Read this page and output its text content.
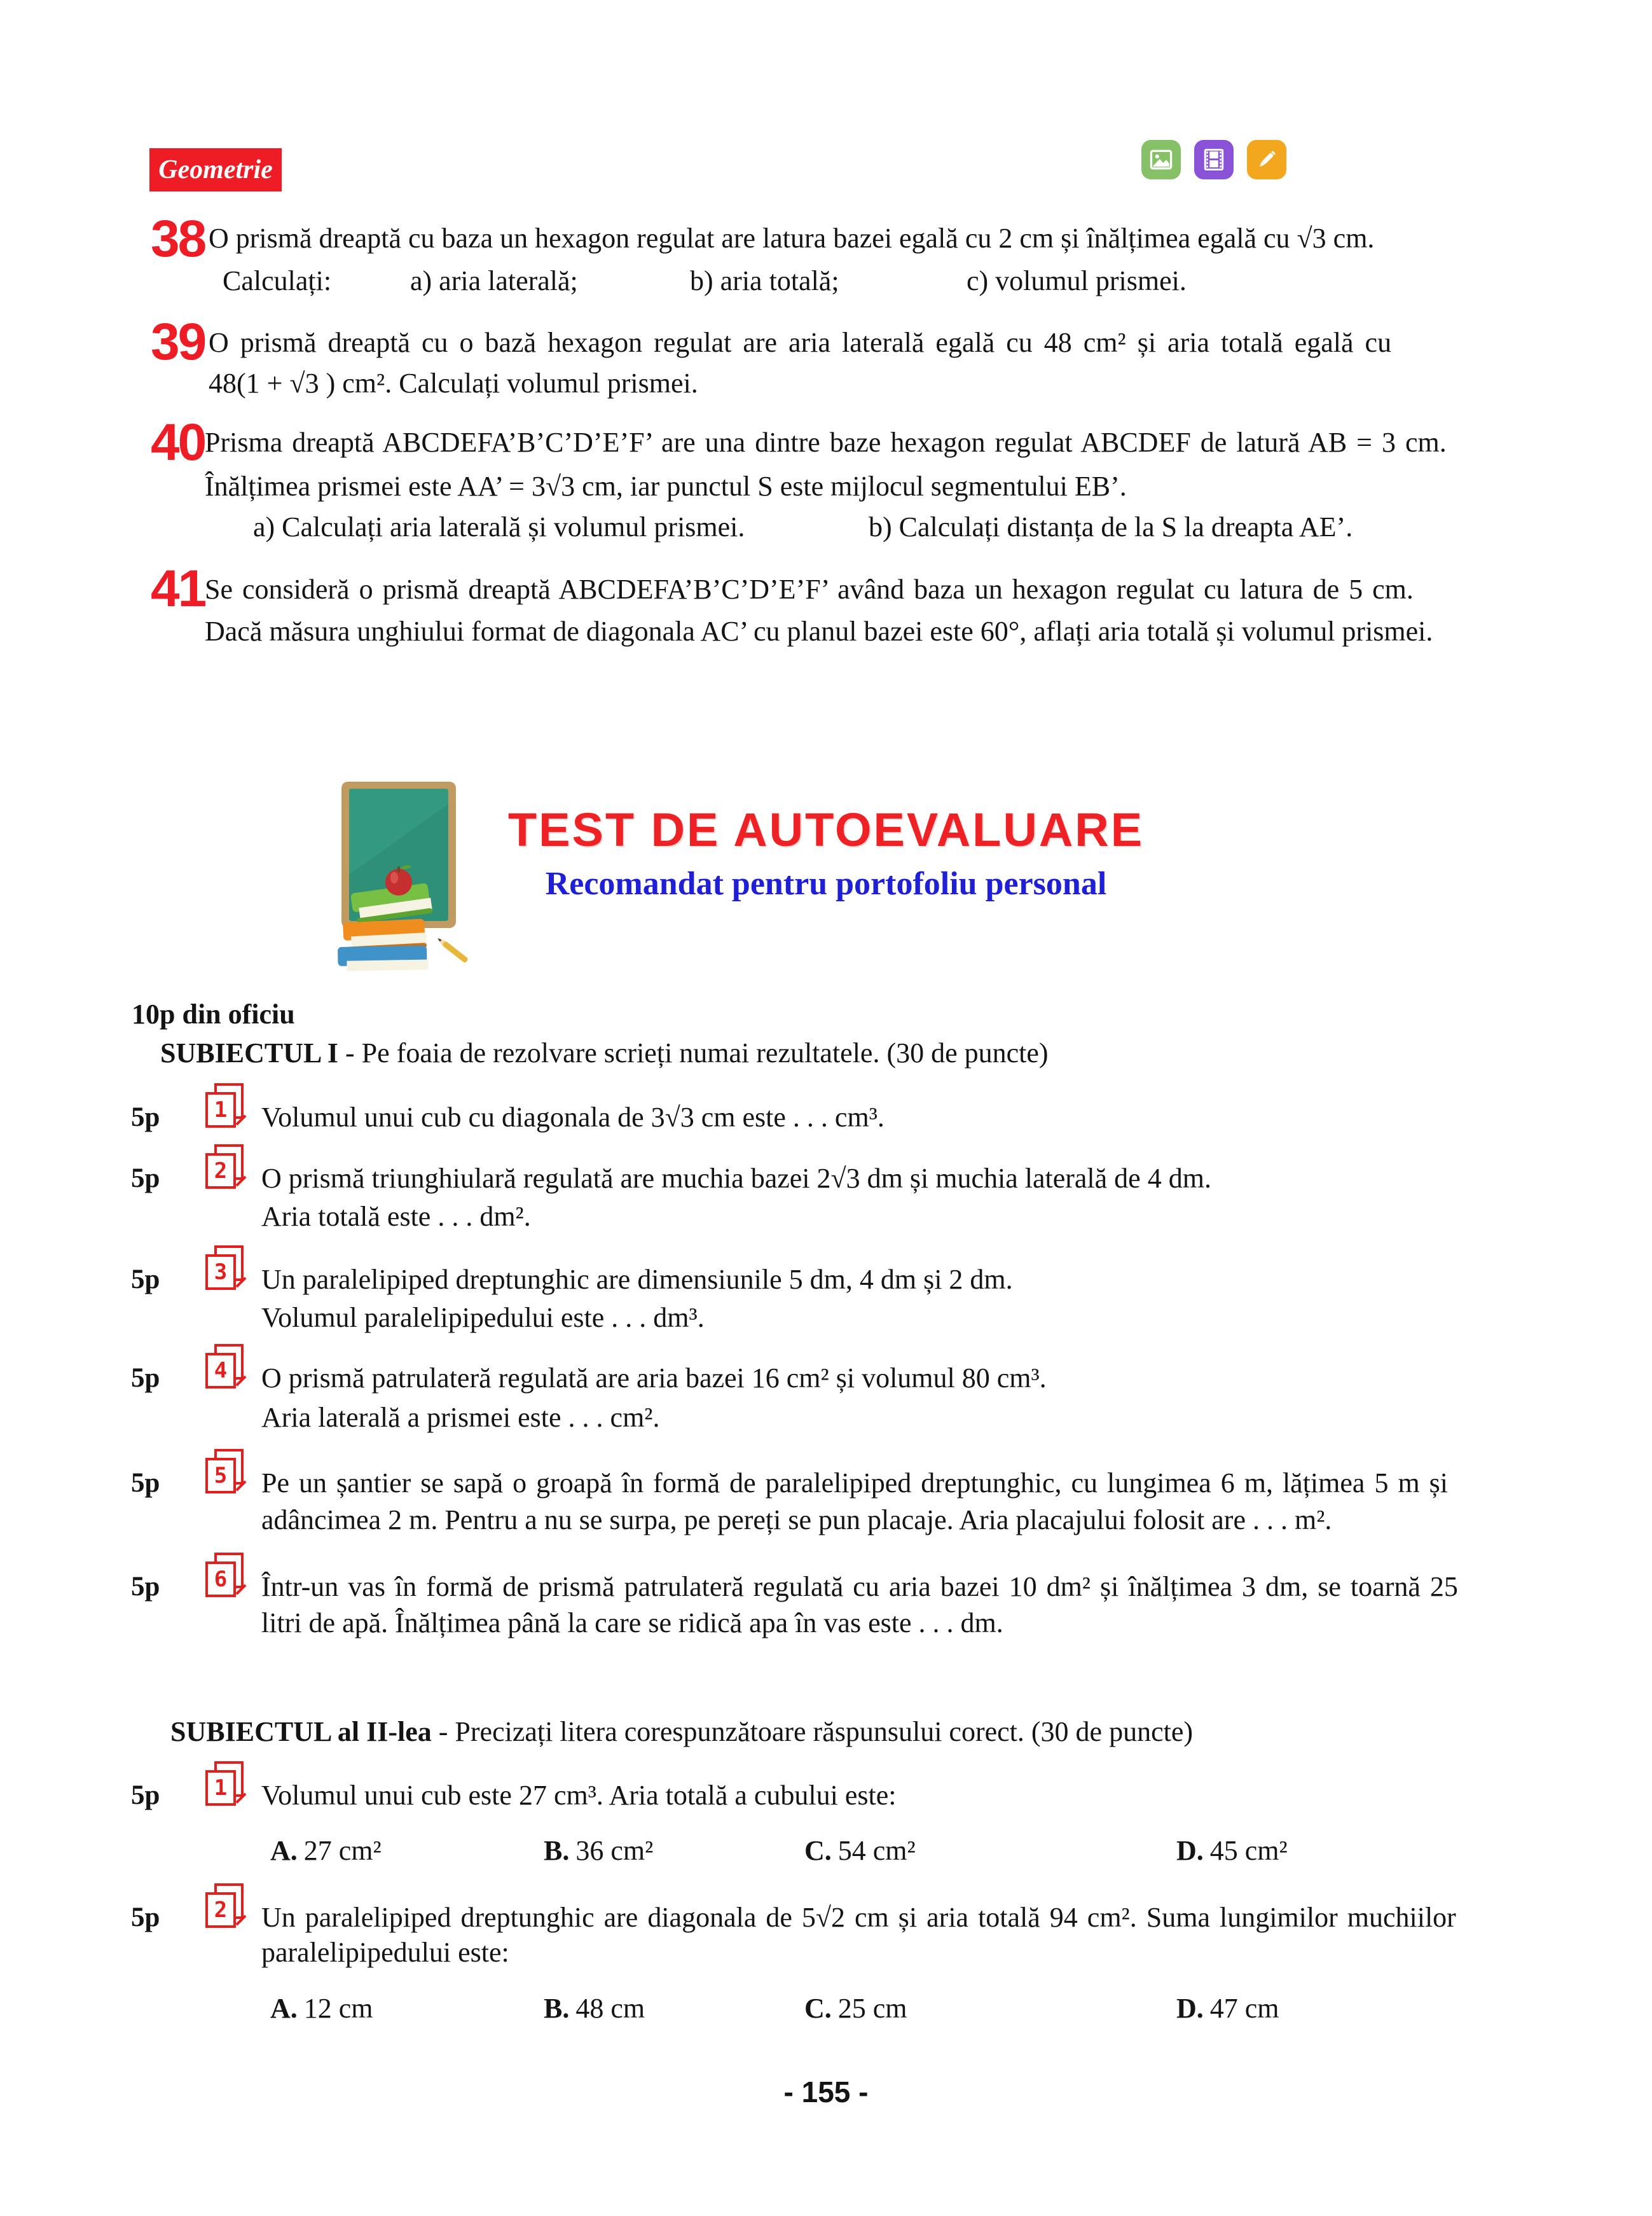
Geometrie
38 O prismă dreaptă cu baza un hexagon regulat are latura bazei egală cu 2 cm și înălțimea egală cu √3 cm.
Calculați:	a) aria laterală;	b) aria totală;	c) volumul prismei.
39 O prismă dreaptă cu o bază hexagon regulat are aria laterală egală cu 48 cm² și aria totală egală cu
48(1 + √3 ) cm². Calculați volumul prismei.
40 Prisma dreaptă ABCDEFA’B’C’D’E’F’ are una dintre baze hexagon regulat ABCDEF de latură AB = 3 cm.
Înălțimea prismei este AA’ = 3√3 cm, iar punctul S este mijlocul segmentului EB’.
a) Calculați aria laterală și volumul prismei.	b) Calculați distanța de la S la dreapta AE’.
41 Se consideră o prismă dreaptă ABCDEFA’B’C’D’E’F’ având baza un hexagon regulat cu latura de 5 cm.
Dacă măsura unghiului format de diagonala AC’ cu planul bazei este 60°, aflați aria totală și volumul prismei.
TEST DE AUTOEVALUARE
Recomandat pentru portofoliu personal
10p din oficiu
SUBIECTUL I - Pe foaia de rezolvare scrieți numai rezultatele. (30 de puncte)
5p	1	Volumul unui cub cu diagonala de 3√3 cm este . . . cm³.
5p	2	O prismă triunghiulară regulată are muchia bazei 2√3 dm și muchia laterală de 4 dm.
Aria totală este . . . dm².
5p	3	Un paralelipiped dreptunghic are dimensiunile 5 dm, 4 dm și 2 dm.
Volumul paralelipipedului este . . . dm³.
5p	4	O prismă patrulateră regulată are aria bazei 16 cm² și volumul 80 cm³.
Aria laterală a prismei este . . . cm².
5p	5	Pe un șantier se sapă o groapă în formă de paralelipiped dreptunghic, cu lungimea 6 m, lățimea 5 m și
adâncimea 2 m. Pentru a nu se surpa, pe pereți se pun placaje. Aria placajului folosit are . . . m².
5p	6	Într-un vas în formă de prismă patrulateră regulată cu aria bazei 10 dm² și înălțimea 3 dm, se toarnă 25
litri de apă. Înălțimea până la care se ridică apa în vas este . . . dm.
SUBIECTUL al II-lea - Precizați litera corespunzătoare răspunsului corect. (30 de puncte)
5p	1	Volumul unui cub este 27 cm³. Aria totală a cubului este:
A. 27 cm²	B. 36 cm²	C. 54 cm²	D. 45 cm²
5p	2	Un paralelipiped dreptunghic are diagonala de 5√2 cm și aria totală 94 cm². Suma lungimilor muchiilor
paralelipipedului este:
A. 12 cm	B. 48 cm	C. 25 cm	D. 47 cm
- 155 -
